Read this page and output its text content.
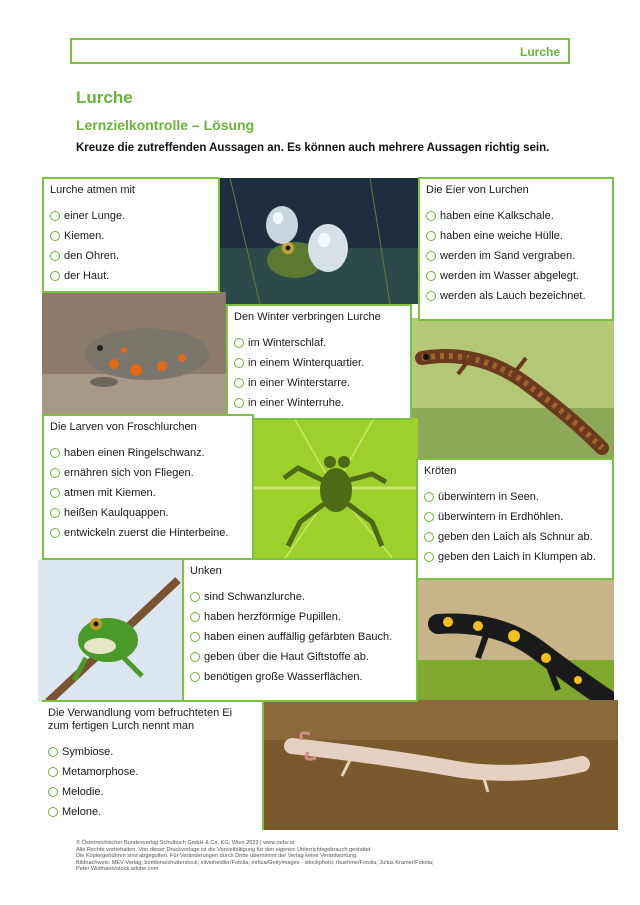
Lurche
Lurche
Lernzielkontrolle – Lösung
Kreuze die zutreffenden Aussagen an. Es können auch mehrere Aussagen richtig sein.
Lurche atmen mit
einer Lunge.
Kiemen.
den Ohren.
der Haut.
Die Eier von Lurchen
haben eine Kalkschale.
haben eine weiche Hülle.
werden im Sand vergraben.
werden im Wasser abgelegt.
werden als Lauch bezeichnet.
Den Winter verbringen Lurche
im Winterschlaf.
in einem Winterquartier.
in einer Winterstarre.
in einer Winterruhe.
Die Larven von Froschlurchen
haben einen Ringelschwanz.
ernähren sich von Fliegen.
atmen mit Kiemen.
heißen Kaulquappen.
entwickeln zuerst die Hinterbeine.
Kröten
überwintern in Seen.
überwintern in Erdhöhlen.
geben den Laich als Schnur ab.
geben den Laich in Klumpen ab.
Unken
sind Schwanzlurche.
haben herzförmige Pupillen.
haben einen auffällig gefärbten Bauch.
geben über die Haut Giftstoffe ab.
benötigen große Wasserflächen.
Die Verwandlung vom befruchteten Ei zum fertigen Lurch nennt man
Symbiose.
Metamorphose.
Melodie.
Melone.
© Österreichischer Bundesverlag Schulbuch GmbH & Co. KG, Wien 2023 | www.oebv.at
Alle Rechte vorbehalten. Von dieser Druckvorlage ist die Vervielfältigung für den eigenen Unterrichtsgebrauch gestattet.
Die Kopiergebühren sind abgegolten. Für Veränderungen durch Dritte übernimmt der Verlag keine Verantwortung.
Bildnachweis: MEV-Verlag; bombina/shutterstock; silvioheidler/Fotolia; mrfiza/Gettyimages - istockphoto; rbuehme/Fotolia; Julius Kramer/Fotolia;
Peter Widmann/stock.adobe.com
